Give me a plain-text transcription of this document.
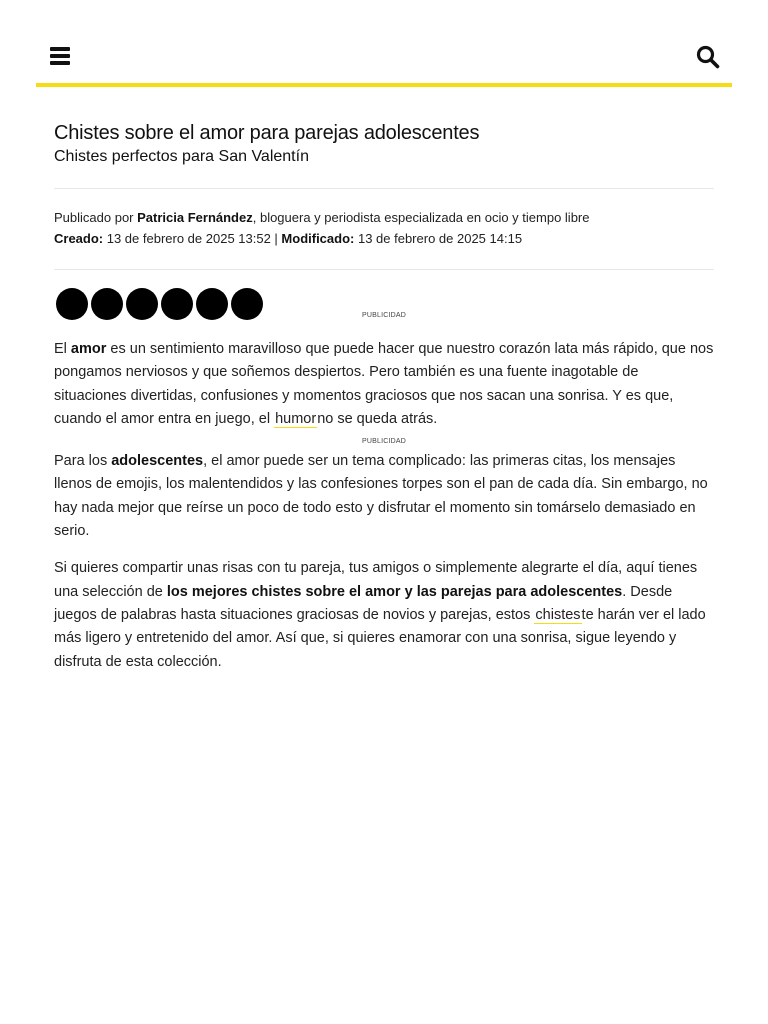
Chistes sobre el amor para parejas adolescentes
Chistes perfectos para San Valentín
Publicado por Patricia Fernández, bloguera y periodista especializada en ocio y tiempo libre
Creado: 13 de febrero de 2025 13:52 | Modificado: 13 de febrero de 2025 14:15
PUBLICIDAD

El amor es un sentimiento maravilloso que puede hacer que nuestro corazón lata más rápido, que nos pongamos nerviosos y que soñemos despiertos. Pero también es una fuente inagotable de situaciones divertidas, confusiones y momentos graciosos que nos sacan una sonrisa. Y es que, cuando el amor entra en juego, el humorno se queda atrás.

PUBLICIDAD

Para los adolescentes, el amor puede ser un tema complicado: las primeras citas, los mensajes llenos de emojis, los malentendidos y las confesiones torpes son el pan de cada día. Sin embargo, no hay nada mejor que reírse un poco de todo esto y disfrutar el momento sin tomárselo demasiado en serio.

Si quieres compartir unas risas con tu pareja, tus amigos o simplemente alegrarte el día, aquí tienes una selección de los mejores chistes sobre el amor y las parejas para adolescentes. Desde juegos de palabras hasta situaciones graciosas de novios y parejas, estos chisteste harán ver el lado más ligero y entretenido del amor. Así que, si quieres enamorar con una sonrisa, sigue leyendo y disfruta de esta colección.
